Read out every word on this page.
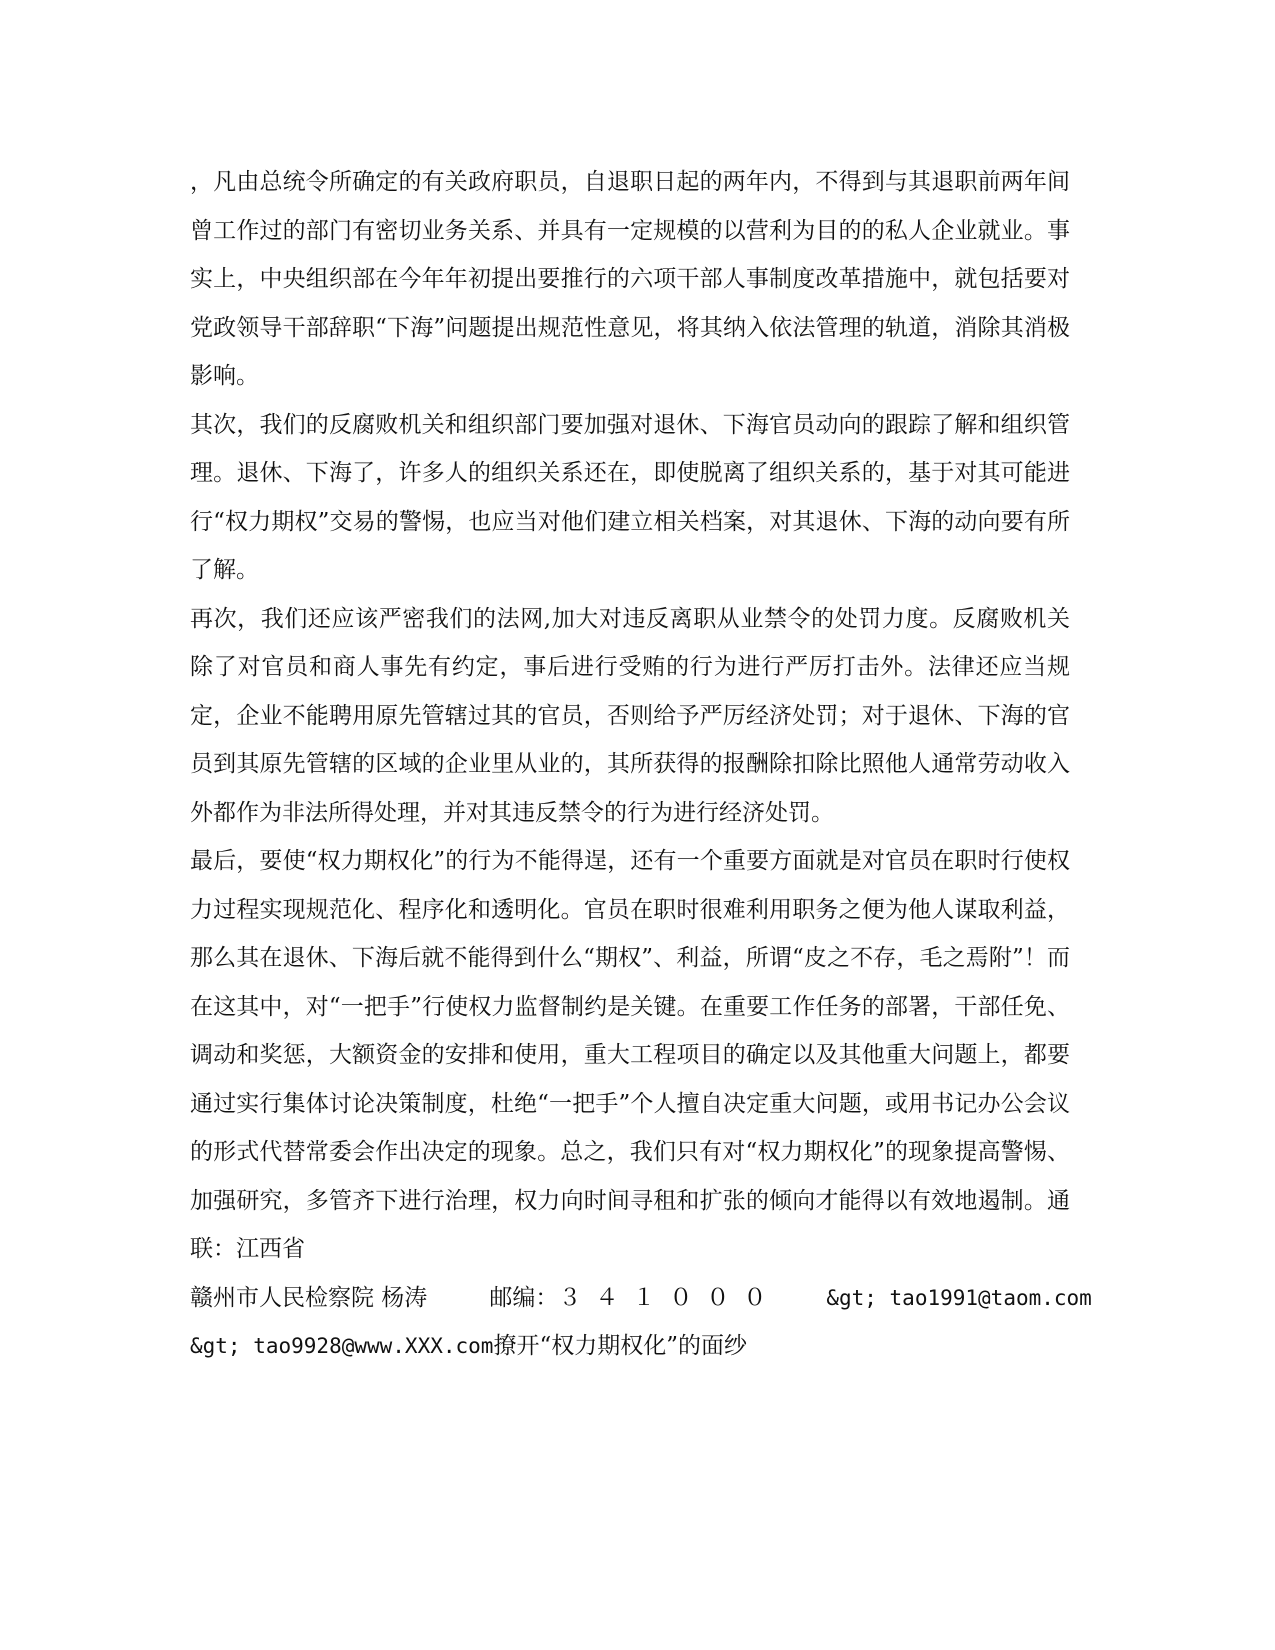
，凡由总统令所确定的有关政府职员，自退职日起的两年内，不得到与其退职前两年间曾工作过的部门有密切业务关系、并具有一定规模的以营利为目的的私人企业就业。事实上，中央组织部在今年年初提出要推行的六项干部人事制度改革措施中，就包括要对党政领导干部辞职“下海”问题提出规范性意见，将其纳入依法管理的轨道，消除其消极影响。

其次，我们的反腐败机关和组织部门要加强对退休、下海官员动向的跟踪了解和组织管理。退休、下海了，许多人的组织关系还在，即使脱离了组织关系的，基于对其可能进行“权力期权”交易的警惕，也应当对他们建立相关档案，对其退休、下海的动向要有所了解。

再次，我们还应该严密我们的法网,加大对违反离职从业禁令的处罚力度。反腐败机关除了对官员和商人事先有约定，事后进行受贿的行为进行严厉打击外。法律还应当规定，企业不能聘用原先管辖过其的官员，否则给予严厉经济处罚；对于退休、下海的官员到其原先管辖的区域的企业里从业的，其所获得的报酬除扣除比照他人通常劳动收入外都作为非法所得处理，并对其违反禁令的行为进行经济处罚。

最后，要使“权力期权化”的行为不能得逞，还有一个重要方面就是对官员在职时行使权力过程实现规范化、程序化和透明化。官员在职时很难利用职务之便为他人谋取利益，那么其在退休、下海后就不能得到什么“期权”、利益，所谓“皮之不存，毛之焉附”！而在这其中，对“一把手”行使权力监督制约是关键。在重要工作任务的部署，干部任免、调动和奖惩，大额资金的安排和使用，重大工程项目的确定以及其他重大问题上，都要通过实行集体讨论决策制度，杜绝“一把手”个人擅自决定重大问题，或用书记办公会议的形式代替常委会作出决定的现象。总之，我们只有对“权力期权化”的现象提高警惕、加强研究，多管齐下进行治理，权力向时间寻租和扩张的倾向才能得以有效地遏制。通联：江西省

赣州市人民检察院 杨涛	邮编：３４１０００ &gt; tao1991@taom.com

&gt; tao9928@www.XXX.com撩开“权力期权化”的面纱
